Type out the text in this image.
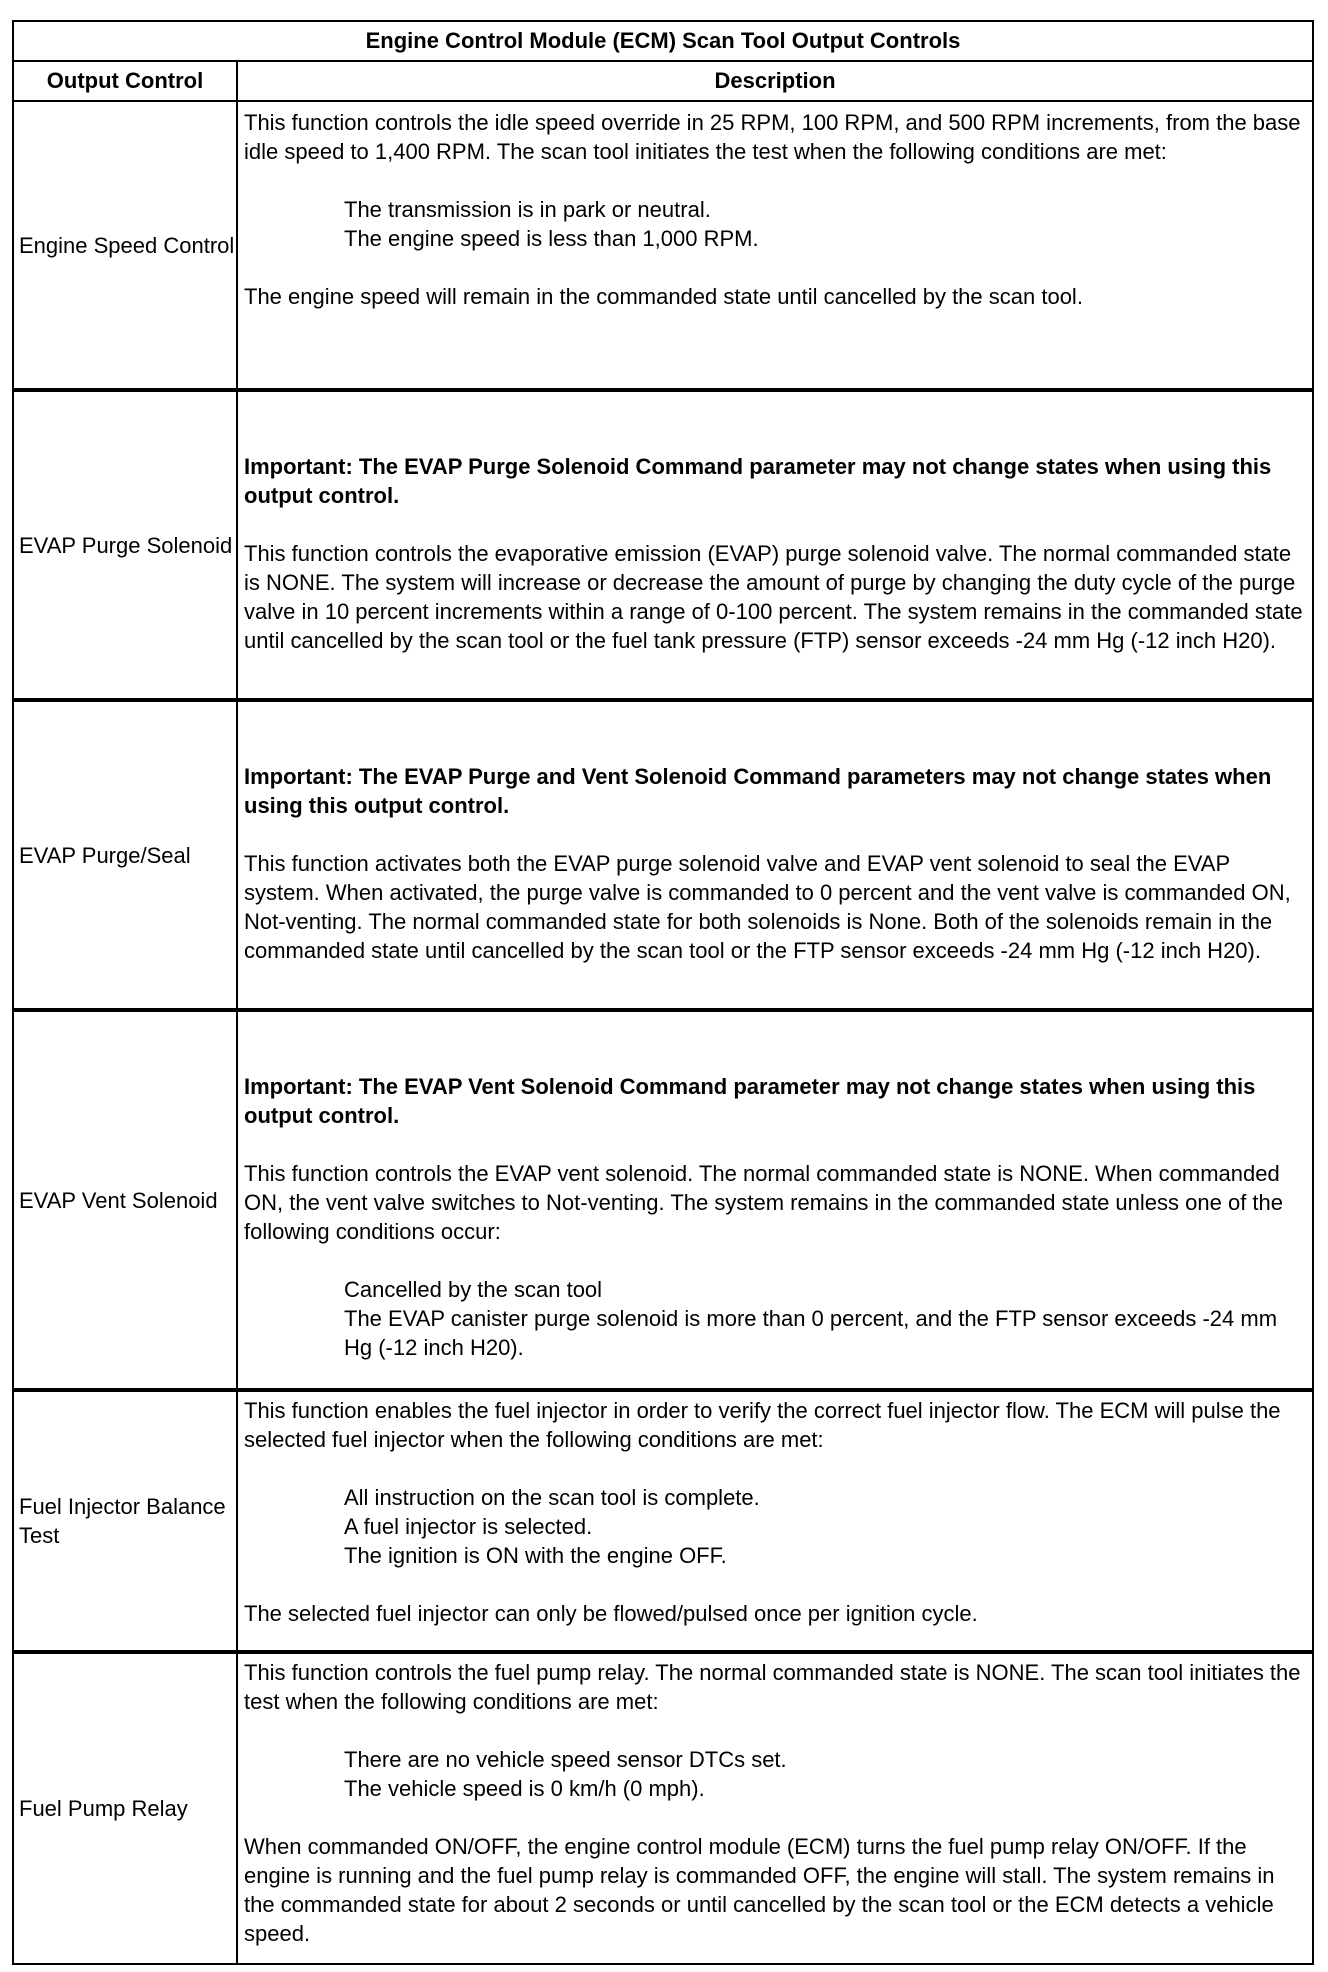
Engine Control Module (ECM) Scan Tool Output Controls
Output Control	Description
Engine Speed Control

This function controls the idle speed override in 25 RPM, 100 RPM, and 500 RPM increments, from the base idle speed to 1,400 RPM. The scan tool initiates the test when the following conditions are met:

The transmission is in park or neutral.

The engine speed is less than 1,000 RPM.

The engine speed will remain in the commanded state until cancelled by the scan tool.

EVAP Purge Solenoid

Important: The EVAP Purge Solenoid Command parameter may not change states when using this output control.

This function controls the evaporative emission (EVAP) purge solenoid valve. The normal commanded state is NONE. The system will increase or decrease the amount of purge by changing the duty cycle of the purge valve in 10 percent increments within a range of 0-100 percent. The system remains in the commanded state until cancelled by the scan tool or the fuel tank pressure (FTP) sensor exceeds -24 mm Hg (-12 inch H20).

EVAP Purge/Seal

Important: The EVAP Purge and Vent Solenoid Command parameters may not change states when using this output control.

This function activates both the EVAP purge solenoid valve and EVAP vent solenoid to seal the EVAP system. When activated, the purge valve is commanded to 0 percent and the vent valve is commanded ON, Not-venting. The normal commanded state for both solenoids is None. Both of the solenoids remain in the commanded state until cancelled by the scan tool or the FTP sensor exceeds -24 mm Hg (-12 inch H20).

EVAP Vent Solenoid

Important: The EVAP Vent Solenoid Command parameter may not change states when using this output control.

This function controls the EVAP vent solenoid. The normal commanded state is NONE. When commanded ON, the vent valve switches to Not-venting. The system remains in the commanded state unless one of the following conditions occur:

Cancelled by the scan tool

The EVAP canister purge solenoid is more than 0 percent, and the FTP sensor exceeds -24 mm Hg (-12 inch H20).

Fuel Injector Balance Test

This function enables the fuel injector in order to verify the correct fuel injector flow. The ECM will pulse the selected fuel injector when the following conditions are met:

All instruction on the scan tool is complete.

A fuel injector is selected.

The ignition is ON with the engine OFF.

The selected fuel injector can only be flowed/pulsed once per ignition cycle.

Fuel Pump Relay

This function controls the fuel pump relay. The normal commanded state is NONE. The scan tool initiates the test when the following conditions are met:

There are no vehicle speed sensor DTCs set.

The vehicle speed is 0 km/h (0 mph).

When commanded ON/OFF, the engine control module (ECM) turns the fuel pump relay ON/OFF. If the engine is running and the fuel pump relay is commanded OFF, the engine will stall. The system remains in the commanded state for about 2 seconds or until cancelled by the scan tool or the ECM detects a vehicle speed.
